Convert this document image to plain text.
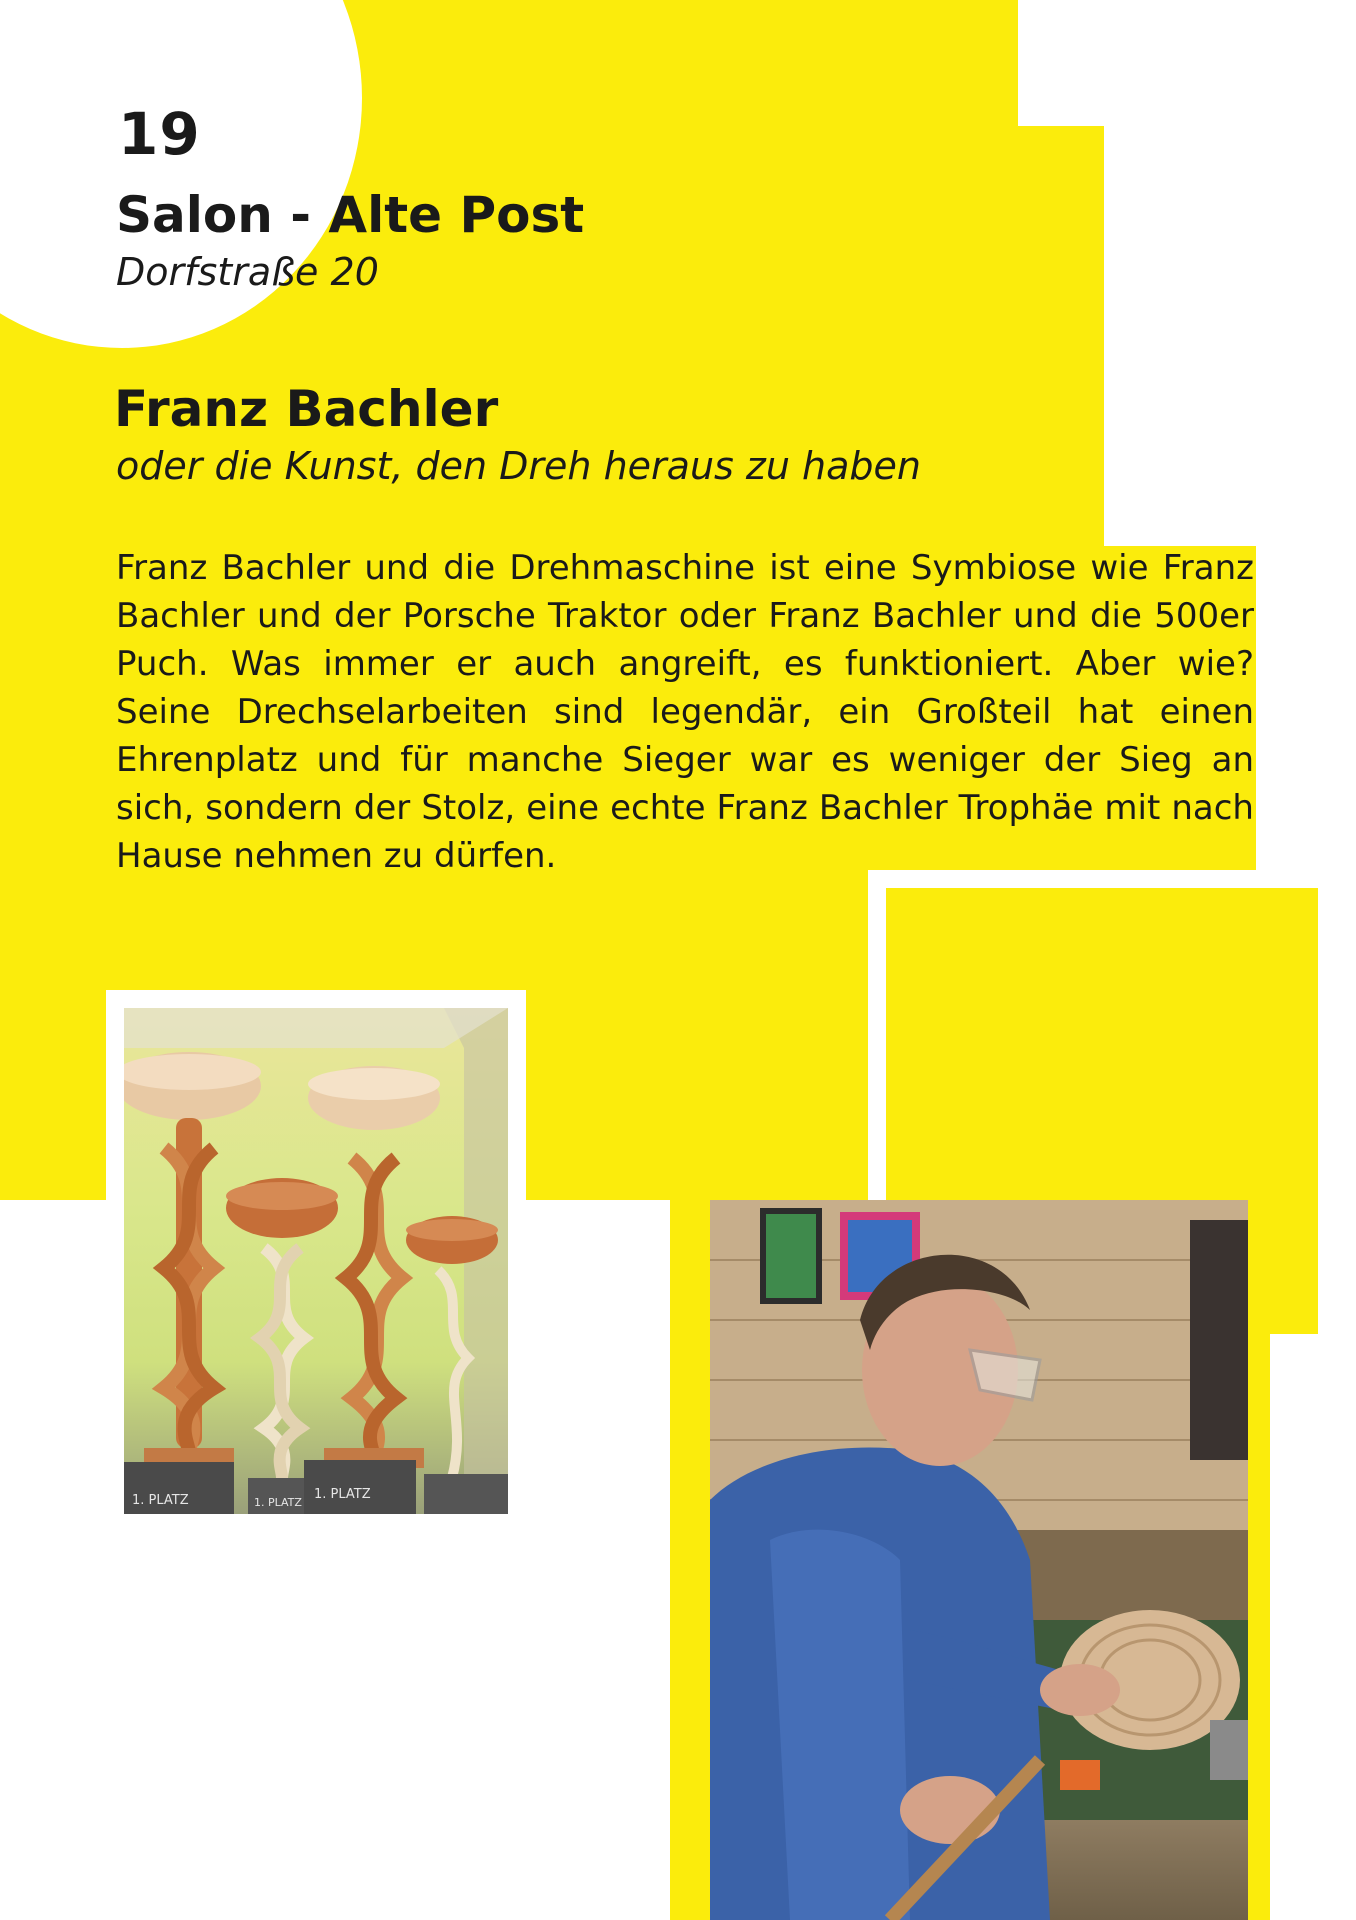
19
Salon - Alte Post
Dorfstraße 20
Franz Bachler
oder die Kunst, den Dreh heraus zu haben
Franz Bachler und die Drehmaschine ist eine Symbiose wie Franz Bachler und der Porsche Traktor oder Franz Bachler und die 500er Puch. Was immer er auch angreift, es funktioniert. Aber wie? Seine Drechselarbeiten sind legendär, ein Großteil hat einen Ehrenplatz und für manche Sieger war es weniger der Sieg an sich, sondern der Stolz, eine echte Franz Bachler Trophäe mit nach Hause nehmen zu dürfen.
1. PLATZ	1. PLATZ
1. PLATZ
